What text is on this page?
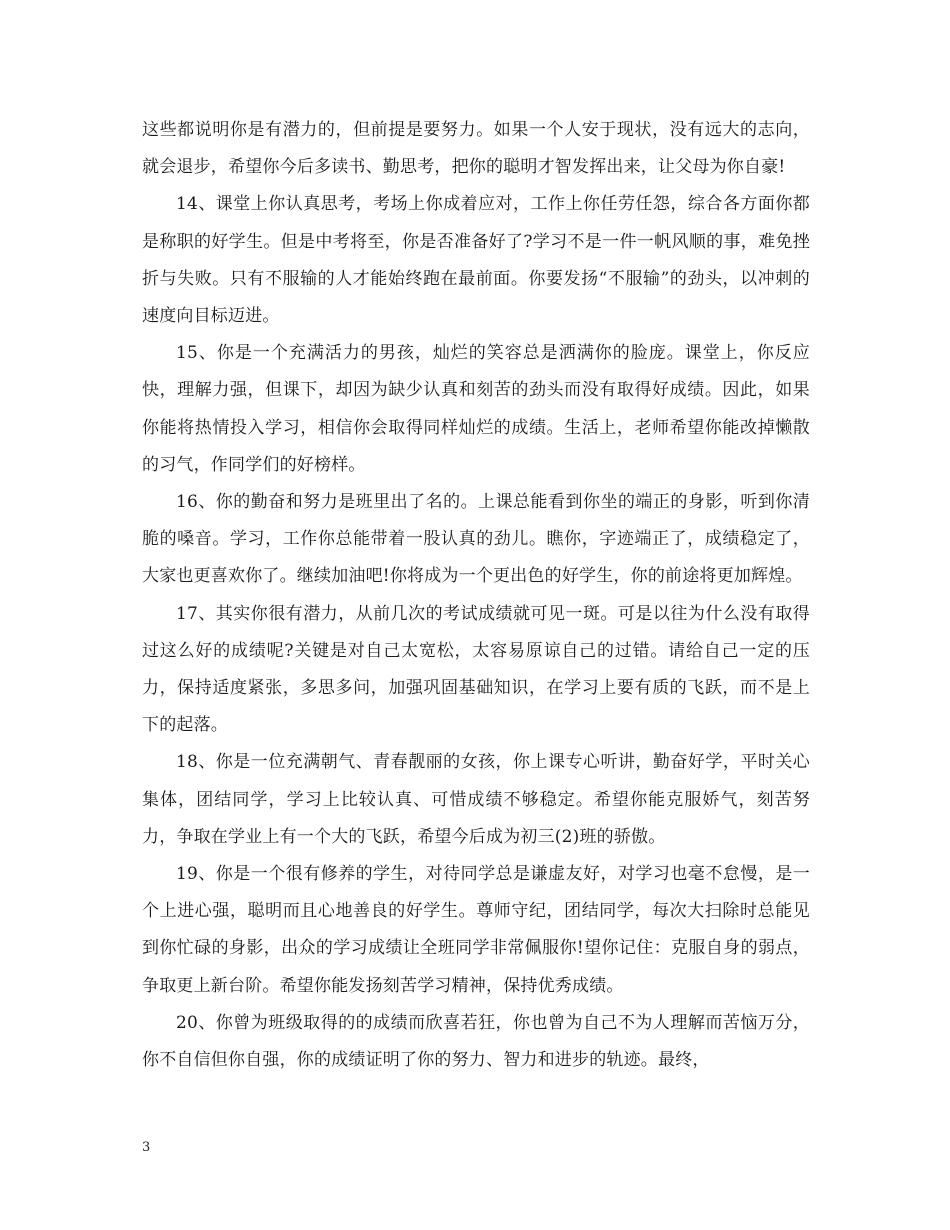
这些都说明你是有潜力的，但前提是要努力。如果一个人安于现状，没有远大的志向，就会退步，希望你今后多读书、勤思考，把你的聪明才智发挥出来，让父母为你自豪!

14、课堂上你认真思考，考场上你成着应对，工作上你任劳任怨，综合各方面你都是称职的好学生。但是中考将至，你是否准备好了?学习不是一件一帆风顺的事，难免挫折与失败。只有不服输的人才能始终跑在最前面。你要发扬“不服输”的劲头，以冲刺的速度向目标迈进。

15、你是一个充满活力的男孩，灿烂的笑容总是洒满你的脸庞。课堂上，你反应快，理解力强，但课下，却因为缺少认真和刻苦的劲头而没有取得好成绩。因此，如果你能将热情投入学习，相信你会取得同样灿烂的成绩。生活上，老师希望你能改掉懒散的习气，作同学们的好榜样。

16、你的勤奋和努力是班里出了名的。上课总能看到你坐的端正的身影，听到你清脆的嗓音。学习，工作你总能带着一股认真的劲儿。瞧你，字迹端正了，成绩稳定了，大家也更喜欢你了。继续加油吧!你将成为一个更出色的好学生，你的前途将更加辉煌。

17、其实你很有潜力，从前几次的考试成绩就可见一斑。可是以往为什么没有取得过这么好的成绩呢?关键是对自己太宽松，太容易原谅自己的过错。请给自己一定的压力，保持适度紧张，多思多问，加强巩固基础知识，在学习上要有质的飞跃，而不是上下的起落。

18、你是一位充满朝气、青春靓丽的女孩，你上课专心听讲，勤奋好学，平时关心集体，团结同学，学习上比较认真、可惜成绩不够稳定。希望你能克服娇气，刻苦努力，争取在学业上有一个大的飞跃，希望今后成为初三(2)班的骄傲。

19、你是一个很有修养的学生，对待同学总是谦虚友好，对学习也毫不怠慢，是一个上进心强，聪明而且心地善良的好学生。尊师守纪，团结同学，每次大扫除时总能见到你忙碌的身影，出众的学习成绩让全班同学非常佩服你!望你记住：克服自身的弱点，争取更上新台阶。希望你能发扬刻苦学习精神，保持优秀成绩。

20、你曾为班级取得的的成绩而欣喜若狂，你也曾为自己不为人理解而苦恼万分，你不自信但你自强，你的成绩证明了你的努力、智力和进步的轨迹。最终，

3
